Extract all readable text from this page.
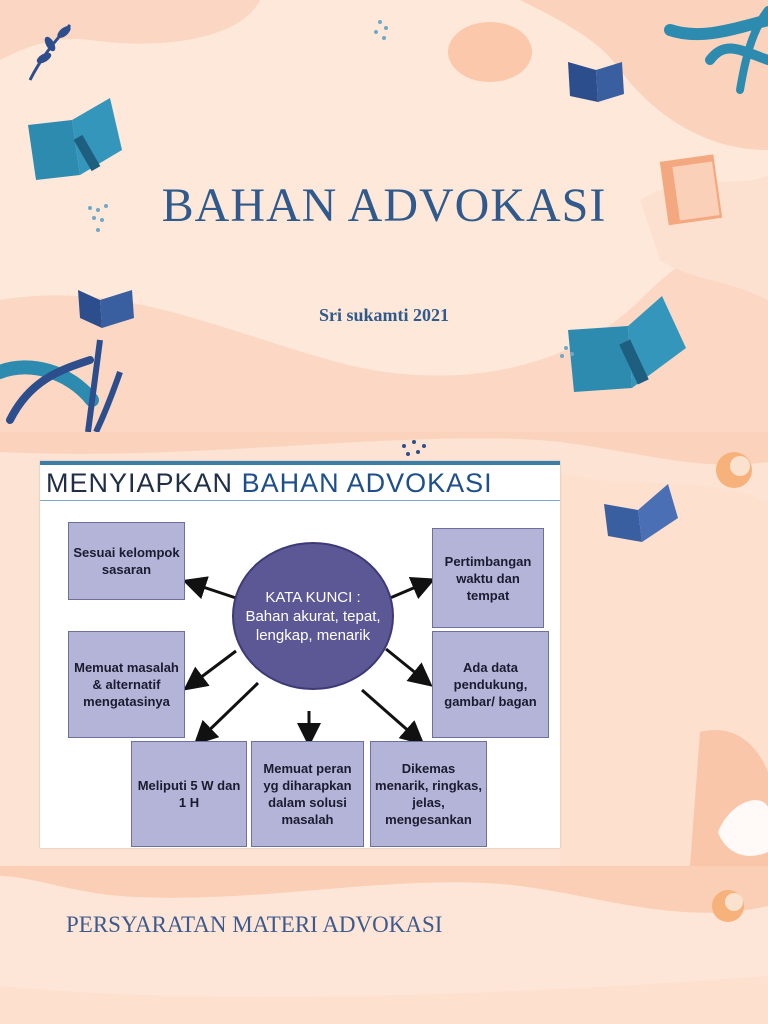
BAHAN ADVOKASI
Sri sukamti 2021
MENYIAPKAN BAHAN ADVOKASI
Sesuai kelompok sasaran
Memuat masalah & alternatif mengatasinya
Meliputi 5 W dan 1 H
Memuat peran yg diharapkan dalam solusi masalah
Dikemas menarik, ringkas, jelas, mengesankan
Ada data pendukung, gambar/ bagan
Pertimbangan waktu dan tempat
KATA KUNCI : Bahan akurat, tepat, lengkap, menarik
PERSYARATAN MATERI ADVOKASI
